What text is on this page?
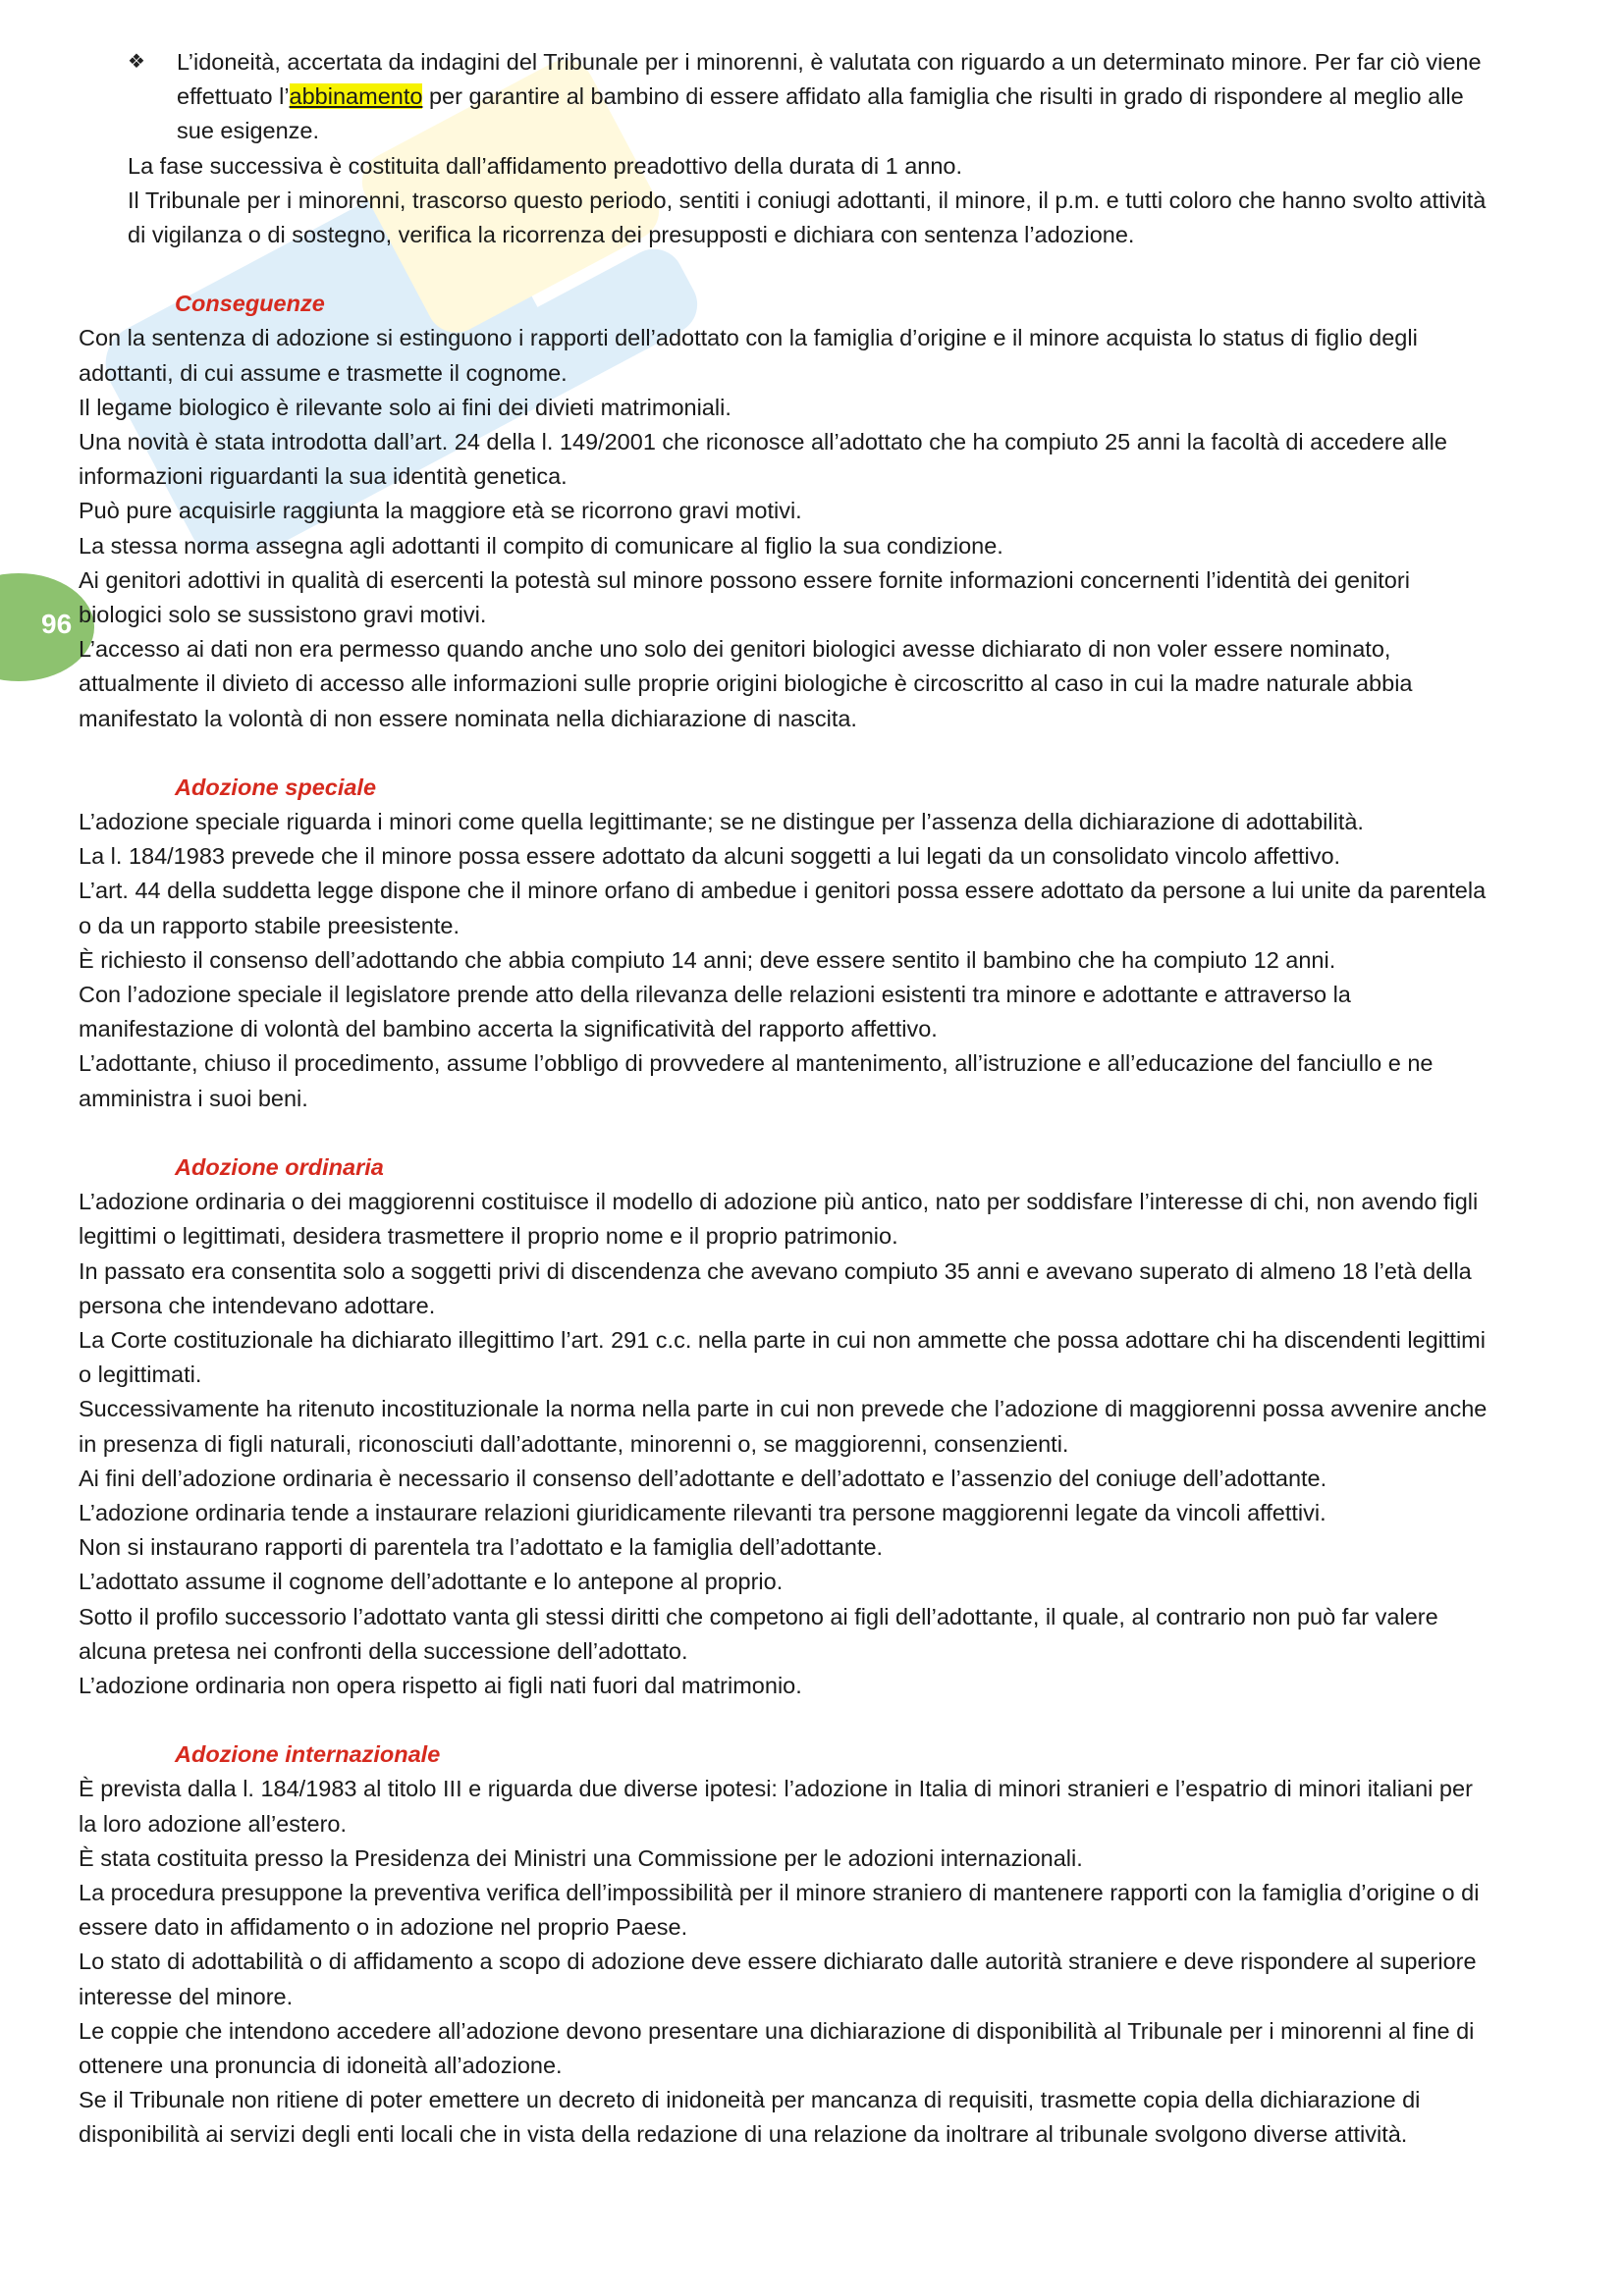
96

❖ L’idoneità, accertata da indagini del Tribunale per i minorenni, è valutata con riguardo a un determinato minore. Per far ciò viene effettuato l’abbinamento per garantire al bambino di essere affidato alla famiglia che risulti in grado di rispondere al meglio alle sue esigenze.

La fase successiva è costituita dall’affidamento preadottivo della durata di 1 anno.

Il Tribunale per i minorenni, trascorso questo periodo, sentiti i coniugi adottanti, il minore, il p.m. e tutti coloro che hanno svolto attività di vigilanza o di sostegno, verifica la ricorrenza dei presupposti e dichiara con sentenza l’adozione.

Conseguenze

Con la sentenza di adozione si estinguono i rapporti dell’adottato con la famiglia d’origine e il minore acquista lo status di figlio degli adottanti, di cui assume e trasmette il cognome.

Il legame biologico è rilevante solo ai fini dei divieti matrimoniali.

Una novità è stata introdotta dall’art. 24 della l. 149/2001 che riconosce all’adottato che ha compiuto 25 anni la facoltà di accedere alle informazioni riguardanti la sua identità genetica.

Può pure acquisirle raggiunta la maggiore età se ricorrono gravi motivi.

La stessa norma assegna agli adottanti il compito di comunicare al figlio la sua condizione.

Ai genitori adottivi in qualità di esercenti la potestà sul minore possono essere fornite informazioni concernenti l’identità dei genitori biologici solo se sussistono gravi motivi.

L’accesso ai dati non era permesso quando anche uno solo dei genitori biologici avesse dichiarato di non voler essere nominato, attualmente il divieto di accesso alle informazioni sulle proprie origini biologiche è circoscritto al caso in cui la madre naturale abbia manifestato la volontà di non essere nominata nella dichiarazione di nascita.

Adozione speciale

L’adozione speciale riguarda i minori come quella legittimante; se ne distingue per l’assenza della dichiarazione di adottabilità.

La l. 184/1983 prevede che il minore possa essere adottato da alcuni soggetti a lui legati da un consolidato vincolo affettivo.

L’art. 44 della suddetta legge dispone che il minore orfano di ambedue i genitori possa essere adottato da persone a lui unite da parentela o da un rapporto stabile preesistente.

È richiesto il consenso dell’adottando che abbia compiuto 14 anni; deve essere sentito il bambino che ha compiuto 12 anni.

Con l’adozione speciale il legislatore prende atto della rilevanza delle relazioni esistenti tra minore e adottante e attraverso la manifestazione di volontà del bambino accerta la significatività del rapporto affettivo.

L’adottante, chiuso il procedimento, assume l’obbligo di provvedere al mantenimento, all’istruzione e all’educazione del fanciullo e ne amministra i suoi beni.

Adozione ordinaria

L’adozione ordinaria o dei maggiorenni costituisce il modello di adozione più antico, nato per soddisfare l’interesse di chi, non avendo figli legittimi o legittimati, desidera trasmettere il proprio nome e il proprio patrimonio.

In passato era consentita solo a soggetti privi di discendenza che avevano compiuto 35 anni e avevano superato di almeno 18 l’età della persona che intendevano adottare.

La Corte costituzionale ha dichiarato illegittimo l’art. 291 c.c. nella parte in cui non ammette che possa adottare chi ha discendenti legittimi o legittimati.

Successivamente ha ritenuto incostituzionale la norma nella parte in cui non prevede che l’adozione di maggiorenni possa avvenire anche in presenza di figli naturali, riconosciuti dall’adottante, minorenni o, se maggiorenni, consenzienti.

Ai fini dell’adozione ordinaria è necessario il consenso dell’adottante e dell’adottato e l’assenzio del coniuge dell’adottante.

L’adozione ordinaria tende a instaurare relazioni giuridicamente rilevanti tra persone maggiorenni legate da vincoli affettivi.

Non si instaurano rapporti di parentela tra l’adottato e la famiglia dell’adottante.

L’adottato assume il cognome dell’adottante e lo antepone al proprio.

Sotto il profilo successorio l’adottato vanta gli stessi diritti che competono ai figli dell’adottante, il quale, al contrario non può far valere alcuna pretesa nei confronti della successione dell’adottato.

L’adozione ordinaria non opera rispetto ai figli nati fuori dal matrimonio.

Adozione internazionale

È prevista dalla l. 184/1983 al titolo III e riguarda due diverse ipotesi: l’adozione in Italia di minori stranieri e l’espatrio di minori italiani per la loro adozione all’estero.

È stata costituita presso la Presidenza dei Ministri una Commissione per le adozioni internazionali.

La procedura presuppone la preventiva verifica dell’impossibilità per il minore straniero di mantenere rapporti con la famiglia d’origine o di essere dato in affidamento o in adozione nel proprio Paese.

Lo stato di adottabilità o di affidamento a scopo di adozione deve essere dichiarato dalle autorità straniere e deve rispondere al superiore interesse del minore.

Le coppie che intendono accedere all’adozione devono presentare una dichiarazione di disponibilità al Tribunale per i minorenni al fine di ottenere una pronuncia di idoneità all’adozione.

Se il Tribunale non ritiene di poter emettere un decreto di inidoneità per mancanza di requisiti, trasmette copia della dichiarazione di disponibilità ai servizi degli enti locali che in vista della redazione di una relazione da inoltrare al tribunale svolgono diverse attività.
